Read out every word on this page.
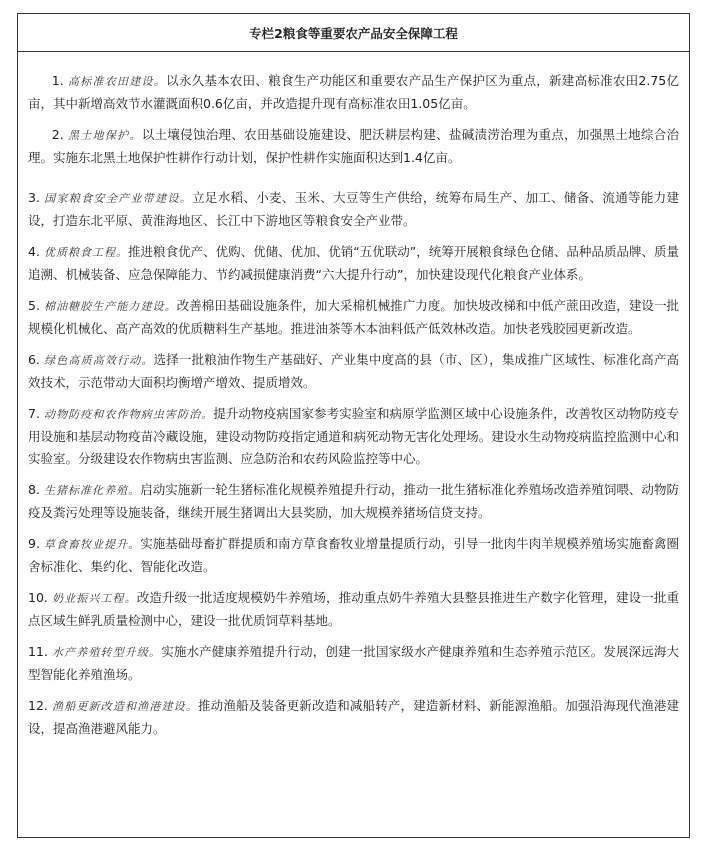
专栏2粮食等重要农产品安全保障工程

1. 高标准农田建设。以永久基本农田、粮食生产功能区和重要农产品生产保护区为重点，新建高标准农田2.75亿亩，其中新增高效节水灌溉面积0.6亿亩，并改造提升现有高标准农田1.05亿亩。

2. 黑土地保护。以土壤侵蚀治理、农田基础设施建设、肥沃耕层构建、盐碱渍涝治理为重点，加强黑土地综合治理。实施东北黑土地保护性耕作行动计划，保护性耕作实施面积达到1.4亿亩。

3. 国家粮食安全产业带建设。立足水稻、小麦、玉米、大豆等生产供给，统筹布局生产、加工、储备、流通等能力建设，打造东北平原、黄淮海地区、长江中下游地区等粮食安全产业带。

4. 优质粮食工程。推进粮食优产、优购、优储、优加、优销“五优联动”，统筹开展粮食绿色仓储、品种品质品牌、质量追溯、机械装备、应急保障能力、节约减损健康消费“六大提升行动”，加快建设现代化粮食产业体系。

5. 棉油糖胶生产能力建设。改善棉田基础设施条件，加大采棉机械推广力度。加快坡改梯和中低产蔗田改造，建设一批规模化机械化、高产高效的优质糖料生产基地。推进油茶等木本油料低产低效林改造。加快老残胶园更新改造。

6. 绿色高质高效行动。选择一批粮油作物生产基础好、产业集中度高的县（市、区），集成推广区域性、标准化高产高效技术，示范带动大面积均衡增产增效、提质增效。

7. 动物防疫和农作物病虫害防治。提升动物疫病国家参考实验室和病原学监测区域中心设施条件，改善牧区动物防疫专用设施和基层动物疫苗冷藏设施，建设动物防疫指定通道和病死动物无害化处理场。建设水生动物疫病监控监测中心和实验室。分级建设农作物病虫害监测、应急防治和农药风险监控等中心。

8. 生猪标准化养殖。启动实施新一轮生猪标准化规模养殖提升行动，推动一批生猪标准化养殖场改造养殖饲喂、动物防疫及粪污处理等设施装备，继续开展生猪调出大县奖励，加大规模养猪场信贷支持。

9. 草食畜牧业提升。实施基础母畜扩群提质和南方草食畜牧业增量提质行动，引导一批肉牛肉羊规模养殖场实施畜禽圈舍标准化、集约化、智能化改造。

10. 奶业振兴工程。改造升级一批适度规模奶牛养殖场，推动重点奶牛养殖大县整县推进生产数字化管理，建设一批重点区域生鲜乳质量检测中心，建设一批优质饲草料基地。

11. 水产养殖转型升级。实施水产健康养殖提升行动，创建一批国家级水产健康养殖和生态养殖示范区。发展深远海大型智能化养殖渔场。

12. 渔船更新改造和渔港建设。推动渔船及装备更新改造和减船转产，建造新材料、新能源渔船。加强沿海现代渔港建设，提高渔港避风能力。
